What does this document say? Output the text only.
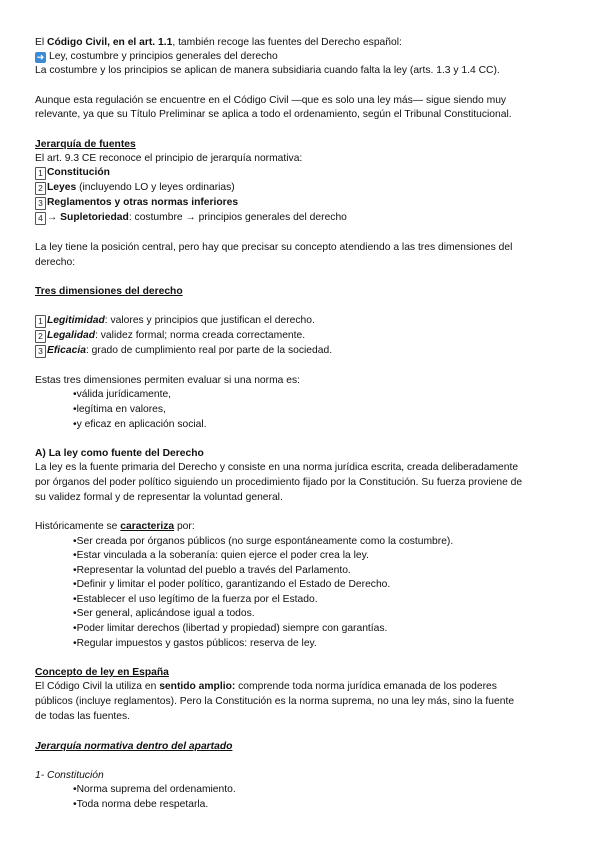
El Código Civil, en el art. 1.1, también recoge las fuentes del Derecho español:
➜ Ley, costumbre y principios generales del derecho
La costumbre y los principios se aplican de manera subsidiaria cuando falta la ley (arts. 1.3 y 1.4 CC).
Aunque esta regulación se encuentre en el Código Civil —que es solo una ley más— sigue siendo muy
relevante, ya que su Título Preliminar se aplica a todo el ordenamiento, según el Tribunal Constitucional.
Jerarquía de fuentes
El art. 9.3 CE reconoce el principio de jerarquía normativa:
1 Constitución
2 Leyes (incluyendo LO y leyes ordinarias)
3 Reglamentos y otras normas inferiores
4 → Supletoriedad: costumbre → principios generales del derecho
La ley tiene la posición central, pero hay que precisar su concepto atendiendo a las tres dimensiones del
derecho:
Tres dimensiones del derecho
1 Legitimidad: valores y principios que justifican el derecho.
2 Legalidad: validez formal; norma creada correctamente.
3 Eficacia: grado de cumplimiento real por parte de la sociedad.
Estas tres dimensiones permiten evaluar si una norma es:
•válida jurídicamente,
•legítima en valores,
•y eficaz en aplicación social.
A) La ley como fuente del Derecho
La ley es la fuente primaria del Derecho y consiste en una norma jurídica escrita, creada deliberadamente
por órganos del poder político siguiendo un procedimiento fijado por la Constitución. Su fuerza proviene de
su validez formal y de representar la voluntad general.
Históricamente se caracteriza por:
•Ser creada por órganos públicos (no surge espontáneamente como la costumbre).
•Estar vinculada a la soberanía: quien ejerce el poder crea la ley.
•Representar la voluntad del pueblo a través del Parlamento.
•Definir y limitar el poder político, garantizando el Estado de Derecho.
•Establecer el uso legítimo de la fuerza por el Estado.
•Ser general, aplicándose igual a todos.
•Poder limitar derechos (libertad y propiedad) siempre con garantías.
•Regular impuestos y gastos públicos: reserva de ley.
Concepto de ley en España
El Código Civil la utiliza en sentido amplio: comprende toda norma jurídica emanada de los poderes
públicos (incluye reglamentos). Pero la Constitución es la norma suprema, no una ley más, sino la fuente
de todas las fuentes.
Jerarquía normativa dentro del apartado
1- Constitución
•Norma suprema del ordenamiento.
•Toda norma debe respetarla.
